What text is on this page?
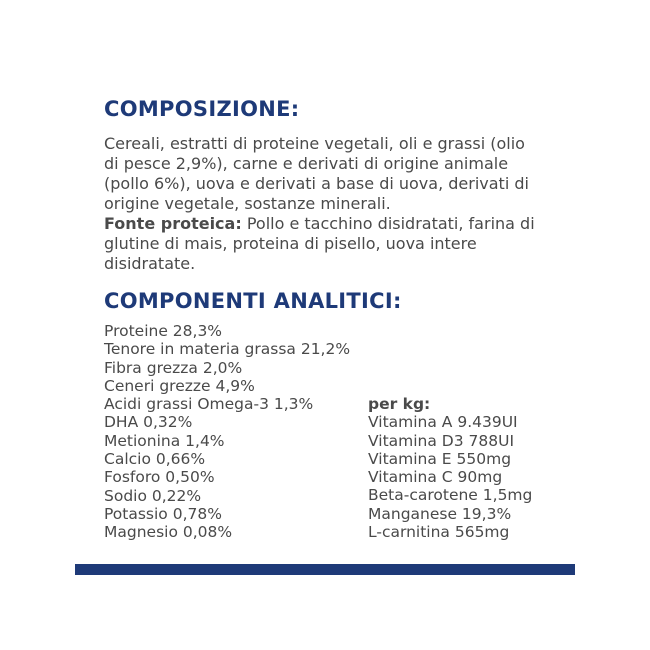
COMPOSIZIONE:

Cereali, estratti di proteine vegetali, oli e grassi (olio di pesce 2,9%), carne e derivati di origine animale (pollo 6%), uova e derivati a base di uova, derivati di origine vegetale, sostanze minerali.
Fonte proteica: Pollo e tacchino disidratati, farina di glutine di mais, proteina di pisello, uova intere disidratate.

COMPONENTI ANALITICI:
Proteine 28,3%
Tenore in materia grassa 21,2%
Fibra grezza 2,0%
Ceneri grezze 4,9%
Acidi grassi Omega-3 1,3%
DHA 0,32%
Metionina 1,4%
Calcio 0,66%
Fosforo 0,50%
Sodio 0,22%
Potassio 0,78%
Magnesio 0,08%
per kg:
Vitamina A 9.439UI
Vitamina D3 788UI
Vitamina E 550mg
Vitamina C 90mg
Beta-carotene 1,5mg
Manganese 19,3%
L-carnitina 565mg
